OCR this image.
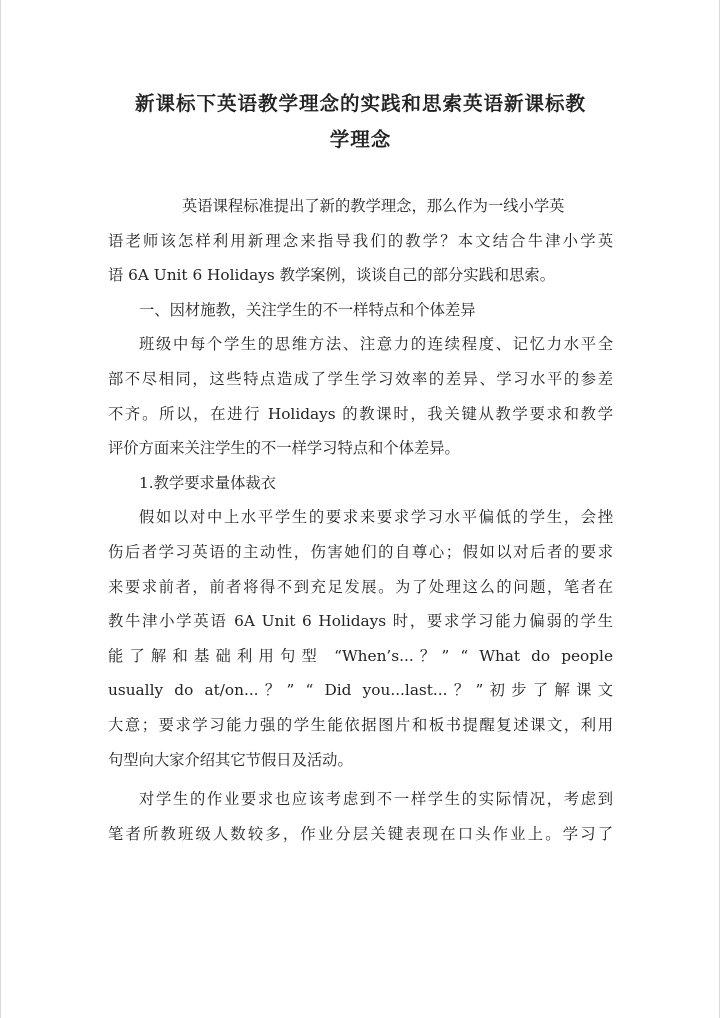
新课标下英语教学理念的实践和思索英语新课标教
学理念
英语课程标准提出了新的教学理念，那么作为一线小学英
语老师该怎样利用新理念来指导我们的教学？本文结合牛津小学英
语 6A Unit 6 Holidays 教学案例，谈谈自己的部分实践和思索。
一、因材施教，关注学生的不一样特点和个体差异
班级中每个学生的思维方法、注意力的连续程度、记忆力水平全
部不尽相同，这些特点造成了学生学习效率的差异、学习水平的参差
不齐。所以，在进行 Holidays 的教课时，我关键从教学要求和教学
评价方面来关注学生的不一样学习特点和个体差异。
1.教学要求量体裁衣
假如以对中上水平学生的要求来要求学习水平偏低的学生，会挫
伤后者学习英语的主动性，伤害她们的自尊心；假如以对后者的要求
来要求前者，前者将得不到充足发展。为了处理这么的问题，笔者在
教牛津小学英语 6A Unit 6 Holidays 时，要求学习能力偏弱的学生
能了解和基础利用句型 “When’s...？” “ What do people
usually do at/on...？” “ Did you...last...？”初步了解课文
大意；要求学习能力强的学生能依据图片和板书提醒复述课文，利用
句型向大家介绍其它节假日及活动。
对学生的作业要求也应该考虑到不一样学生的实际情况，考虑到
笔者所教班级人数较多，作业分层关键表现在口头作业上。学习了
